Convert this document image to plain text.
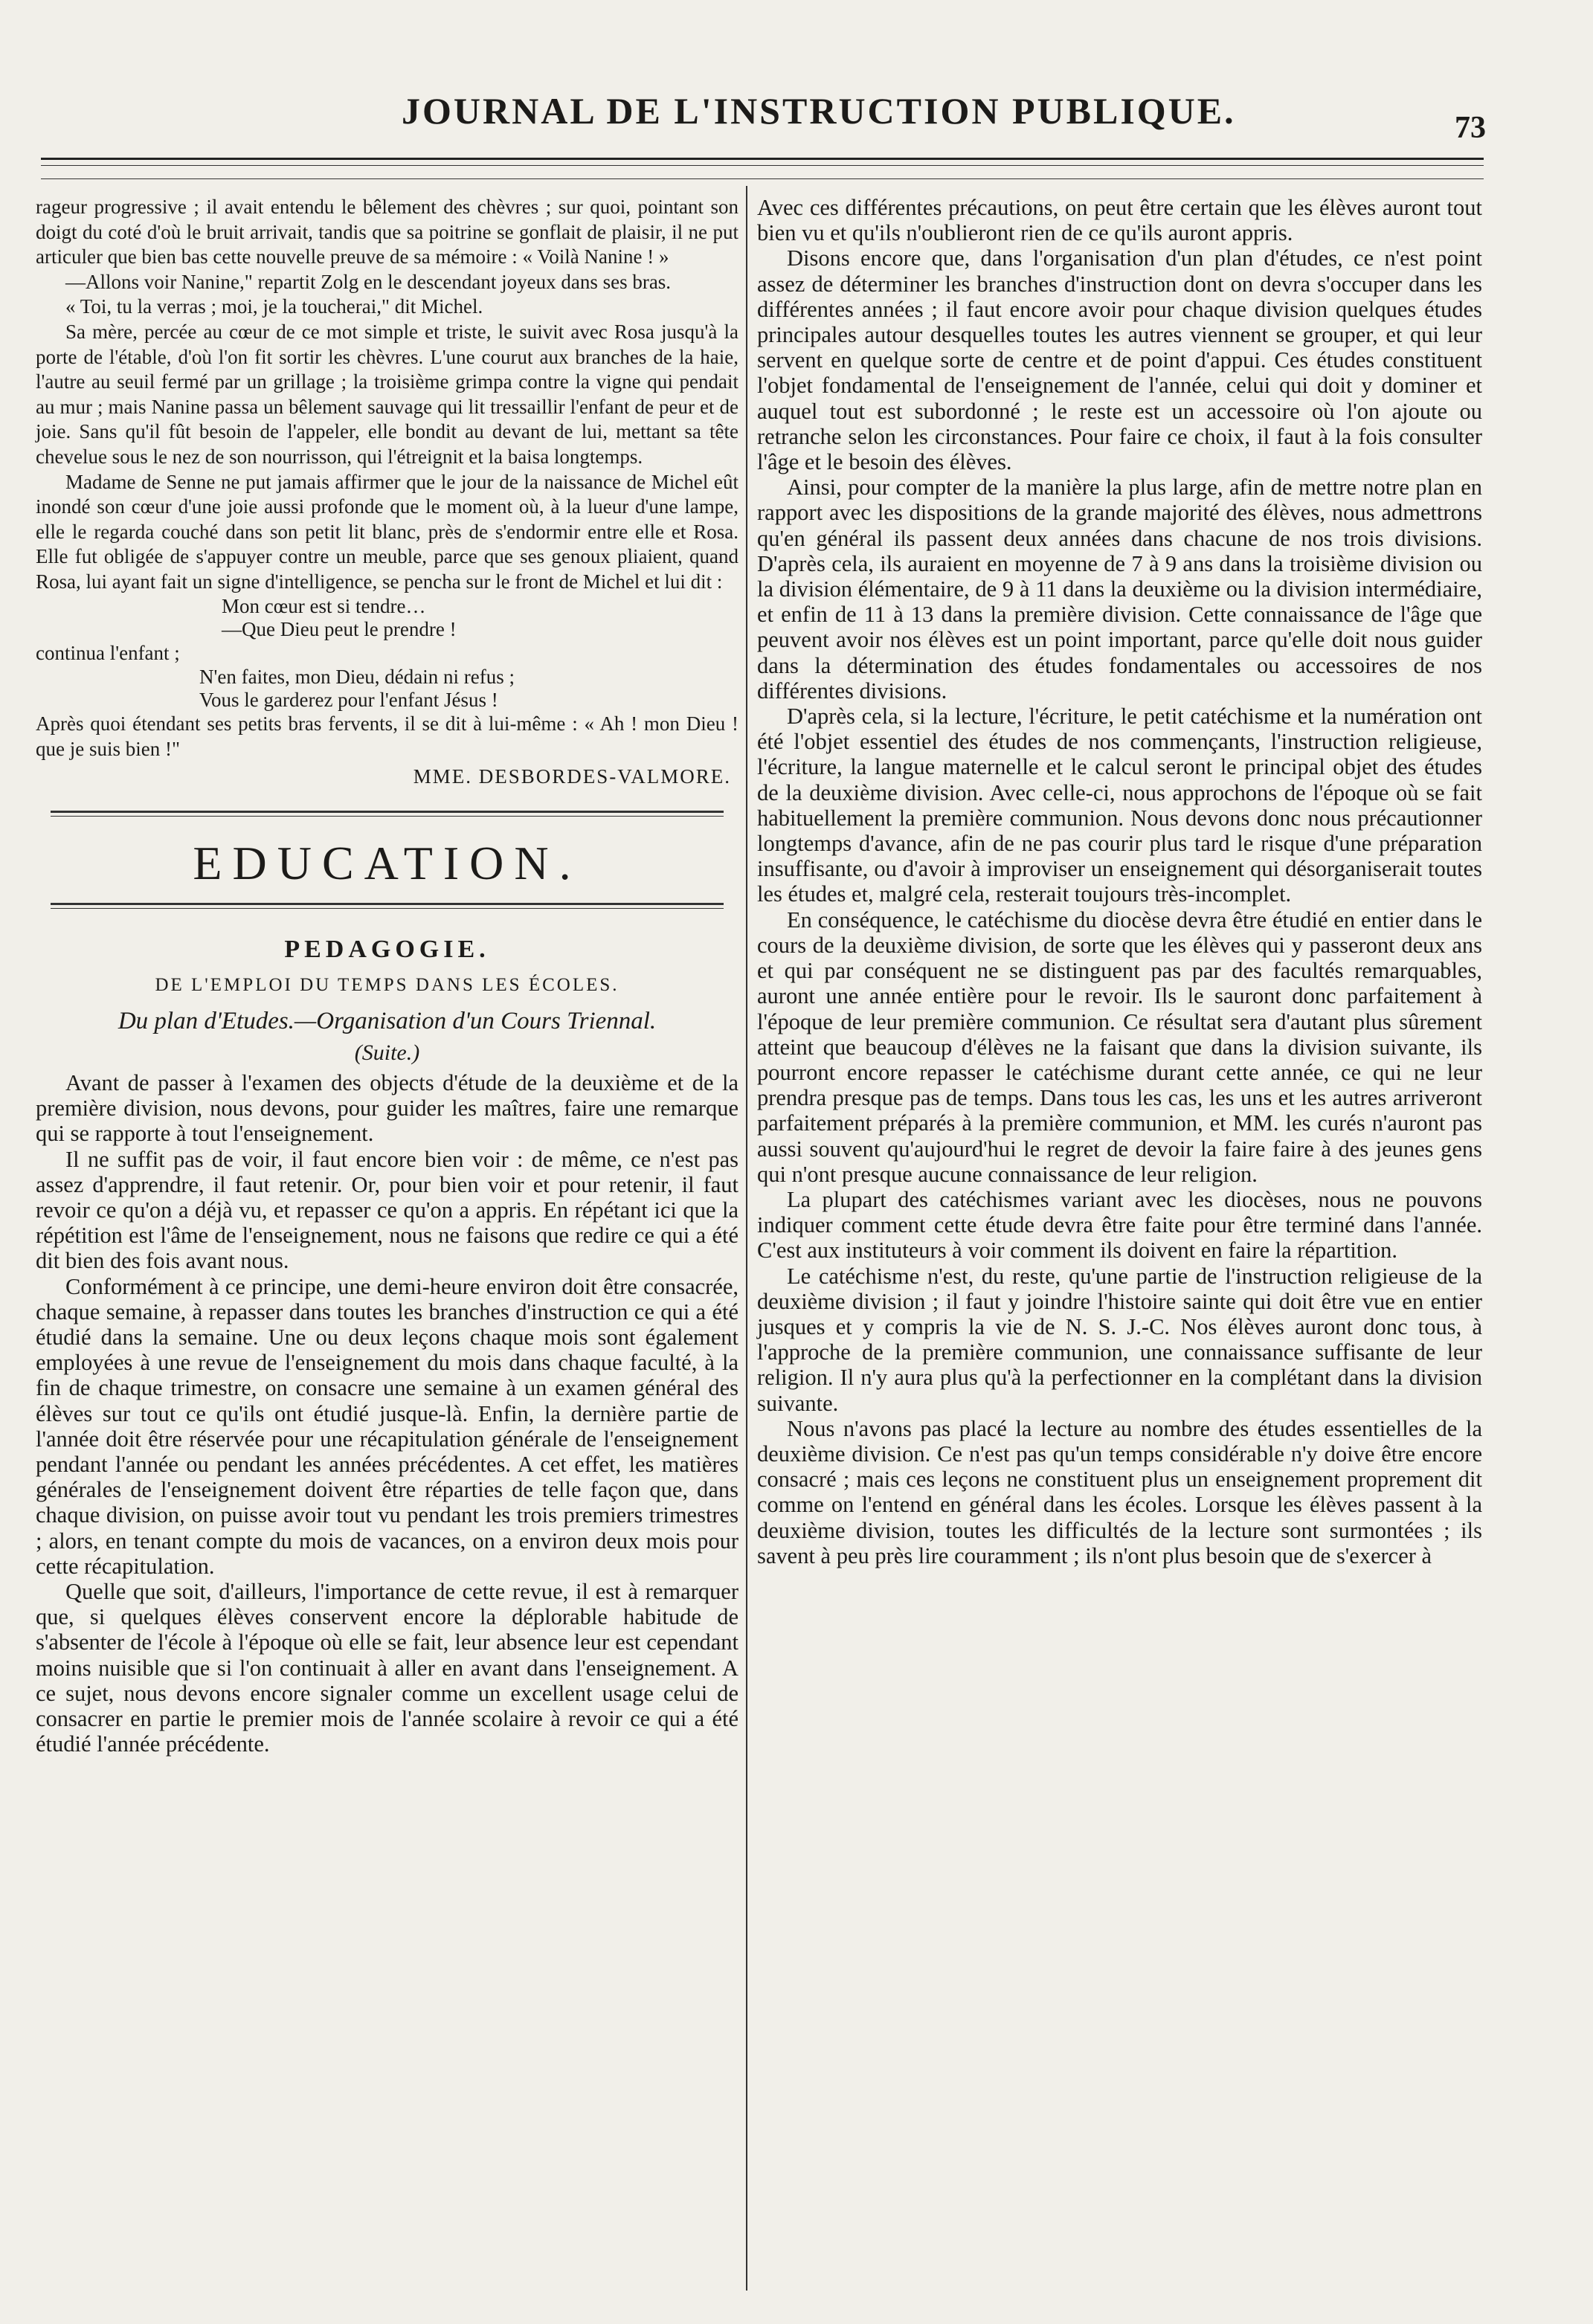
JOURNAL DE L'INSTRUCTION PUBLIQUE.	73

rageur progressive ; il avait entendu le bêlement des chèvres ; sur quoi, pointant son doigt du coté d'où le bruit arrivait, tandis que sa poitrine se gonflait de plaisir, il ne put articuler que bien bas cette nouvelle preuve de sa mémoire : « Voilà Nanine ! »

—Allons voir Nanine," repartit Zolg en le descendant joyeux dans ses bras.

« Toi, tu la verras ; moi, je la toucherai," dit Michel.

Sa mère, percée au cœur de ce mot simple et triste, le suivit avec Rosa jusqu'à la porte de l'étable, d'où l'on fit sortir les chèvres. L'une courut aux branches de la haie, l'autre au seuil fermé par un grillage ; la troisième grimpa contre la vigne qui pendait au mur ; mais Nanine passa un bêlement sauvage qui lit tressaillir l'enfant de peur et de joie. Sans qu'il fût besoin de l'appeler, elle bondit au devant de lui, mettant sa tête chevelue sous le nez de son nourrisson, qui l'étreignit et la baisa longtemps.

Madame de Senne ne put jamais affirmer que le jour de la naissance de Michel eût inondé son cœur d'une joie aussi profonde que le moment où, à la lueur d'une lampe, elle le regarda couché dans son petit lit blanc, près de s'endormir entre elle et Rosa. Elle fut obligée de s'appuyer contre un meuble, parce que ses genoux pliaient, quand Rosa, lui ayant fait un signe d'intelligence, se pencha sur le front de Michel et lui dit :

Mon cœur est si tendre…

—Que Dieu peut le prendre !

continua l'enfant ;

N'en faites, mon Dieu, dédain ni refus ;

Vous le garderez pour l'enfant Jésus !

Après quoi étendant ses petits bras fervents, il se dit à lui-même : « Ah ! mon Dieu ! que je suis bien !"

MME. DESBORDES-VALMORE.
EDUCATION.
PEDAGOGIE.
DE L'EMPLOI DU TEMPS DANS LES ÉCOLES.
Du plan d'Etudes.—Organisation d'un Cours Triennal.
(Suite.)

Avant de passer à l'examen des objects d'étude de la deuxième et de la première division, nous devons, pour guider les maîtres, faire une remarque qui se rapporte à tout l'enseignement.

Il ne suffit pas de voir, il faut encore bien voir : de même, ce n'est pas assez d'apprendre, il faut retenir. Or, pour bien voir et pour retenir, il faut revoir ce qu'on a déjà vu, et repasser ce qu'on a appris. En répétant ici que la répétition est l'âme de l'enseignement, nous ne faisons que redire ce qui a été dit bien des fois avant nous.

Conformément à ce principe, une demi-heure environ doit être consacrée, chaque semaine, à repasser dans toutes les branches d'instruction ce qui a été étudié dans la semaine. Une ou deux leçons chaque mois sont également employées à une revue de l'enseignement du mois dans chaque faculté, à la fin de chaque trimestre, on consacre une semaine à un examen général des élèves sur tout ce qu'ils ont étudié jusque-là. Enfin, la dernière partie de l'année doit être réservée pour une récapitulation générale de l'enseignement pendant l'année ou pendant les années précédentes. A cet effet, les matières générales de l'enseignement doivent être réparties de telle façon que, dans chaque division, on puisse avoir tout vu pendant les trois premiers trimestres ; alors, en tenant compte du mois de vacances, on a environ deux mois pour cette récapitulation.

Quelle que soit, d'ailleurs, l'importance de cette revue, il est à remarquer que, si quelques élèves conservent encore la déplorable habitude de s'absenter de l'école à l'époque où elle se fait, leur absence leur est cependant moins nuisible que si l'on continuait à aller en avant dans l'enseignement. A ce sujet, nous devons encore signaler comme un excellent usage celui de consacrer en partie le premier mois de l'année scolaire à revoir ce qui a été étudié l'année précédente.

Avec ces différentes précautions, on peut être certain que les élèves auront tout bien vu et qu'ils n'oublieront rien de ce qu'ils auront appris.

Disons encore que, dans l'organisation d'un plan d'études, ce n'est point assez de déterminer les branches d'instruction dont on devra s'occuper dans les différentes années ; il faut encore avoir pour chaque division quelques études principales autour desquelles toutes les autres viennent se grouper, et qui leur servent en quelque sorte de centre et de point d'appui. Ces études constituent l'objet fondamental de l'enseignement de l'année, celui qui doit y dominer et auquel tout est subordonné ; le reste est un accessoire où l'on ajoute ou retranche selon les circonstances. Pour faire ce choix, il faut à la fois consulter l'âge et le besoin des élèves.

Ainsi, pour compter de la manière la plus large, afin de mettre notre plan en rapport avec les dispositions de la grande majorité des élèves, nous admettrons qu'en général ils passent deux années dans chacune de nos trois divisions. D'après cela, ils auraient en moyenne de 7 à 9 ans dans la troisième division ou la division élémentaire, de 9 à 11 dans la deuxième ou la division intermédiaire, et enfin de 11 à 13 dans la première division. Cette connaissance de l'âge que peuvent avoir nos élèves est un point important, parce qu'elle doit nous guider dans la détermination des études fondamentales ou accessoires de nos différentes divisions.

D'après cela, si la lecture, l'écriture, le petit catéchisme et la numération ont été l'objet essentiel des études de nos commençants, l'instruction religieuse, l'écriture, la langue maternelle et le calcul seront le principal objet des études de la deuxième division. Avec celle-ci, nous approchons de l'époque où se fait habituellement la première communion. Nous devons donc nous précautionner longtemps d'avance, afin de ne pas courir plus tard le risque d'une préparation insuffisante, ou d'avoir à improviser un enseignement qui désorganiserait toutes les études et, malgré cela, resterait toujours très-incomplet.

En conséquence, le catéchisme du diocèse devra être étudié en entier dans le cours de la deuxième division, de sorte que les élèves qui y passeront deux ans et qui par conséquent ne se distinguent pas par des facultés remarquables, auront une année entière pour le revoir. Ils le sauront donc parfaitement à l'époque de leur première communion. Ce résultat sera d'autant plus sûrement atteint que beaucoup d'élèves ne la faisant que dans la division suivante, ils pourront encore repasser le catéchisme durant cette année, ce qui ne leur prendra presque pas de temps. Dans tous les cas, les uns et les autres arriveront parfaitement préparés à la première communion, et MM. les curés n'auront pas aussi souvent qu'aujourd'hui le regret de devoir la faire faire à des jeunes gens qui n'ont presque aucune connaissance de leur religion.

La plupart des catéchismes variant avec les diocèses, nous ne pouvons indiquer comment cette étude devra être faite pour être terminé dans l'année. C'est aux instituteurs à voir comment ils doivent en faire la répartition.

Le catéchisme n'est, du reste, qu'une partie de l'instruction religieuse de la deuxième division ; il faut y joindre l'histoire sainte qui doit être vue en entier jusques et y compris la vie de N. S. J.-C. Nos élèves auront donc tous, à l'approche de la première communion, une connaissance suffisante de leur religion. Il n'y aura plus qu'à la perfectionner en la complétant dans la division suivante.

Nous n'avons pas placé la lecture au nombre des études essentielles de la deuxième division. Ce n'est pas qu'un temps considérable n'y doive être encore consacré ; mais ces leçons ne constituent plus un enseignement proprement dit comme on l'entend en général dans les écoles. Lorsque les élèves passent à la deuxième division, toutes les difficultés de la lecture sont surmontées ; ils savent à peu près lire couramment ; ils n'ont plus besoin que de s'exercer à
